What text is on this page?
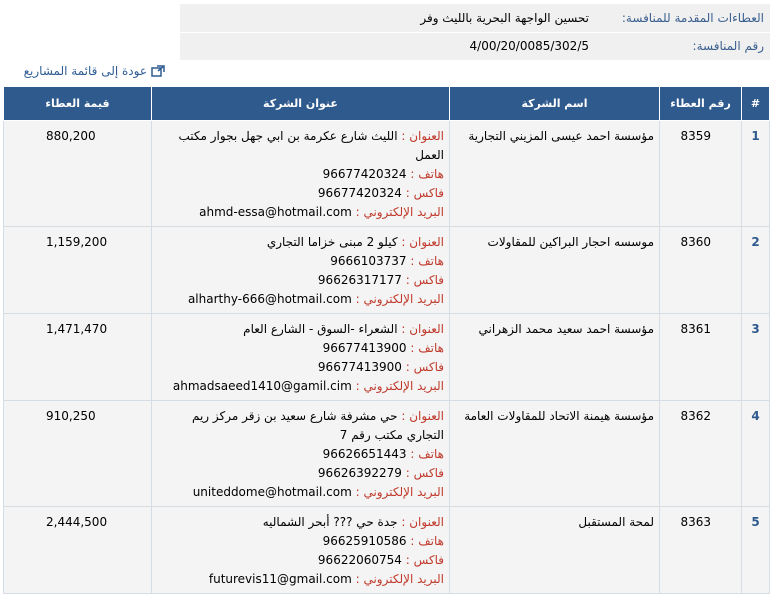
العطاءات المقدمة للمنافسة:	تحسين الواجهة البحرية بالليث وفر	
رقم المنافسة:	4/00/20/0085/302/5	
عودة إلى قائمة المشاريع
#	رقم العطاء	اسم الشركة	عنوان الشركة	قيمة العطاء
1	8359	مؤسسة احمد عيسى المزيني التجارية	العنوان : الليث شارع عكرمة بن ابي جهل بجوار مكتب العمل
هاتف : 96677420324
فاكس : 96677420324
البريد الإلكتروني : ahmd-essa@hotmail.com	880,200
2	8360	موسسه احجار البراكين للمقاولات	العنوان : كيلو 2 مبنى خزاما التجاري
هاتف : 9666103737
فاكس : 96626317177
البريد الإلكتروني : alharthy-666@hotmail.com	1,159,200
3	8361	مؤسسة احمد سعيد محمد الزهراني	العنوان : الشعراء -السوق - الشارع العام
هاتف : 96677413900
فاكس : 96677413900
البريد الإلكتروني : ahmadsaeed1410@gamil.cim	1,471,470
4	8362	مؤسسة هيمنة الاتحاد للمقاولات العامة	العنوان : حي مشرفة شارع سعيد بن زقر مركز ريم التجاري مكتب رقم 7
هاتف : 96626651443
فاكس : 96626392279
البريد الإلكتروني : uniteddome@hotmail.com	910,250
5	8363	لمحة المستقبل	العنوان : جدة حي ??? أبحر الشماليه
هاتف : 96625910586
فاكس : 96622060754
البريد الإلكتروني : futurevis11@gmail.com	2,444,500
